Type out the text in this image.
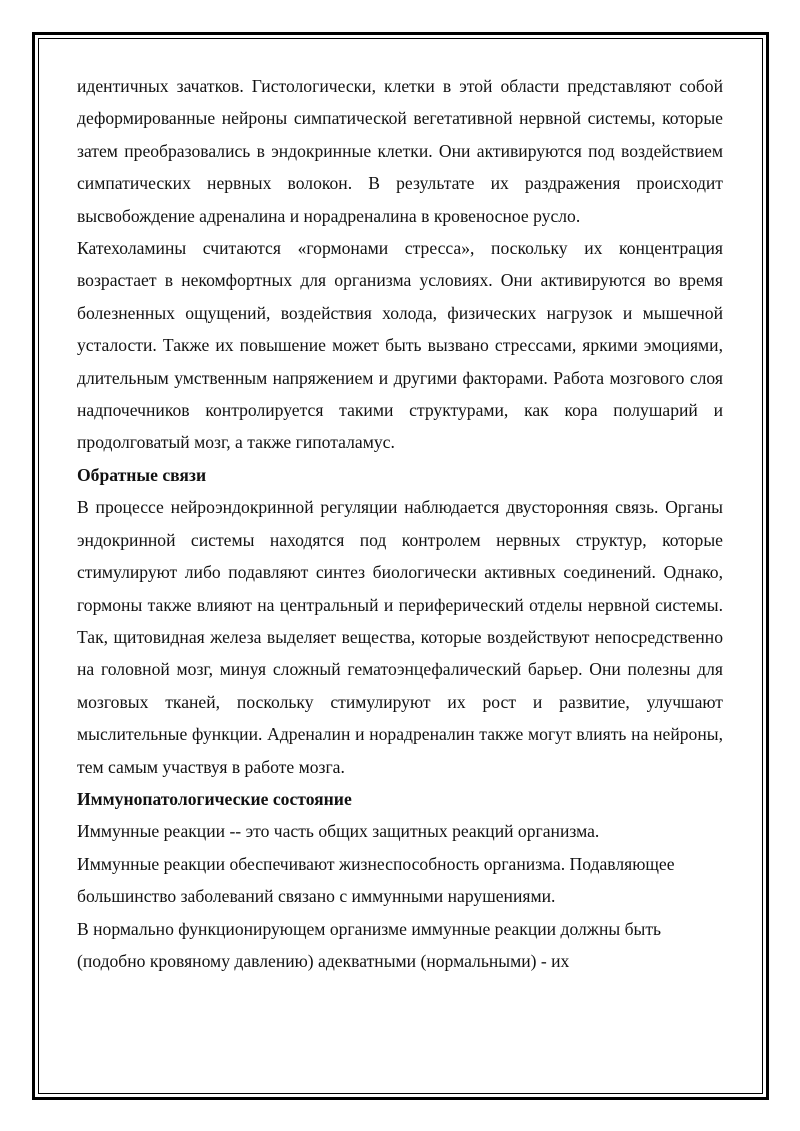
идентичных зачатков. Гистологически, клетки в этой области представляют собой деформированные нейроны симпатической вегетативной нервной системы, которые затем преобразовались в эндокринные клетки. Они активируются под воздействием симпатических нервных волокон. В результате их раздражения происходит высвобождение адреналина и норадреналина в кровеносное русло.

Катехоламины считаются «гормонами стресса», поскольку их концентрация возрастает в некомфортных для организма условиях. Они активируются во время болезненных ощущений, воздействия холода, физических нагрузок и мышечной усталости. Также их повышение может быть вызвано стрессами, яркими эмоциями, длительным умственным напряжением и другими факторами. Работа мозгового слоя надпочечников контролируется такими структурами, как кора полушарий и продолговатый мозг, а также гипоталамус.

Обратные связи

В процессе нейроэндокринной регуляции наблюдается двусторонняя связь. Органы эндокринной системы находятся под контролем нервных структур, которые стимулируют либо подавляют синтез биологически активных соединений. Однако, гормоны также влияют на центральный и периферический отделы нервной системы. Так, щитовидная железа выделяет вещества, которые воздействуют непосредственно на головной мозг, минуя сложный гематоэнцефалический барьер. Они полезны для мозговых тканей, поскольку стимулируют их рост и развитие, улучшают мыслительные функции. Адреналин и норадреналин также могут влиять на нейроны, тем самым участвуя в работе мозга.

Иммунопатологические состояние

Иммунные реакции -- это часть общих защитных реакций организма.

Иммунные реакции обеспечивают жизнеспособность организма. Подавляющее большинство заболеваний связано с иммунными нарушениями.

В нормально функционирующем организме иммунные реакции должны быть (подобно кровяному давлению) адекватными (нормальными) - их
